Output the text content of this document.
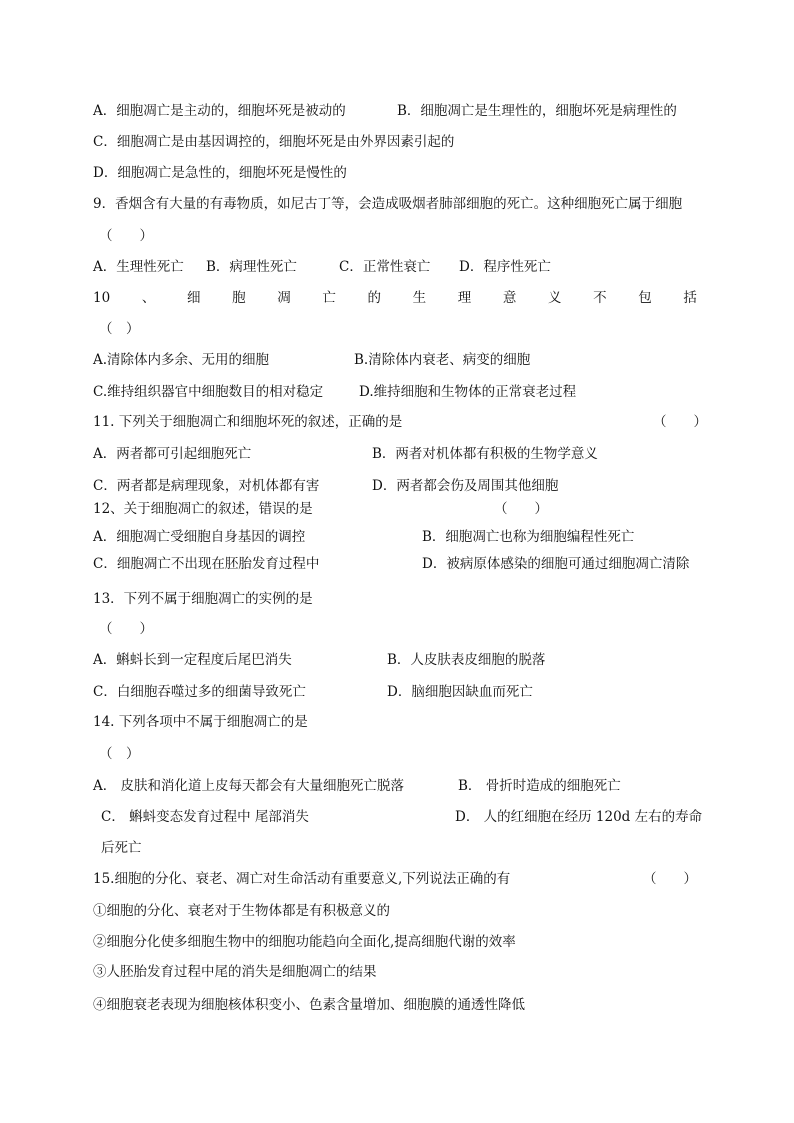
A．细胞凋亡是主动的，细胞坏死是被动的	B．细胞凋亡是生理性的，细胞坏死是病理性的
C．细胞凋亡是由基因调控的，细胞坏死是由外界因素引起的
D．细胞凋亡是急性的，细胞坏死是慢性的
9．香烟含有大量的有毒物质，如尼古丁等，会造成吸烟者肺部细胞的死亡。这种细胞死亡属于细胞
（　　）
A．生理性死亡 B．病理性死亡	C．正常性衰亡 D．程序性死亡
10 、 细 胞 凋 亡 的 生 理 意 义 不 包 括
（　）
A.清除体内多余、无用的细胞	B.清除体内衰老、病变的细胞
C.维持组织器官中细胞数目的相对稳定	D.维持细胞和生物体的正常衰老过程
11. 下列关于细胞凋亡和细胞坏死的叙述，正确的是	（　　）
A．两者都可引起细胞死亡	B．两者对机体都有积极的生物学意义
C．两者都是病理现象，对机体都有害	D．两者都会伤及周围其他细胞
12、关于细胞凋亡的叙述，错误的是	（　　）
A．细胞凋亡受细胞自身基因的调控	B．细胞凋亡也称为细胞编程性死亡
C．细胞凋亡不出现在胚胎发育过程中	D．被病原体感染的细胞可通过细胞凋亡清除
13．下列不属于细胞凋亡的实例的是
（　　）
A．蝌蚪长到一定程度后尾巴消失	B．人皮肤表皮细胞的脱落
C．白细胞吞噬过多的细菌导致死亡	D．脑细胞因缺血而死亡
14. 下列各项中不属于细胞凋亡的是
（　）
A． 皮肤和消化道上皮每天都会有大量细胞死亡脱落	B． 骨折时造成的细胞死亡
C． 蝌蚪变态发育过程中 尾部消失	D． 人的红细胞在经历 120d 左右的寿命
后死亡
15.细胞的分化、衰老、凋亡对生命活动有重要意义,下列说法正确的有	（　　）
①细胞的分化、衰老对于生物体都是有积极意义的
②细胞分化使多细胞生物中的细胞功能趋向全面化,提高细胞代谢的效率
③人胚胎发育过程中尾的消失是细胞凋亡的结果
④细胞衰老表现为细胞核体积变小、色素含量增加、细胞膜的通透性降低
